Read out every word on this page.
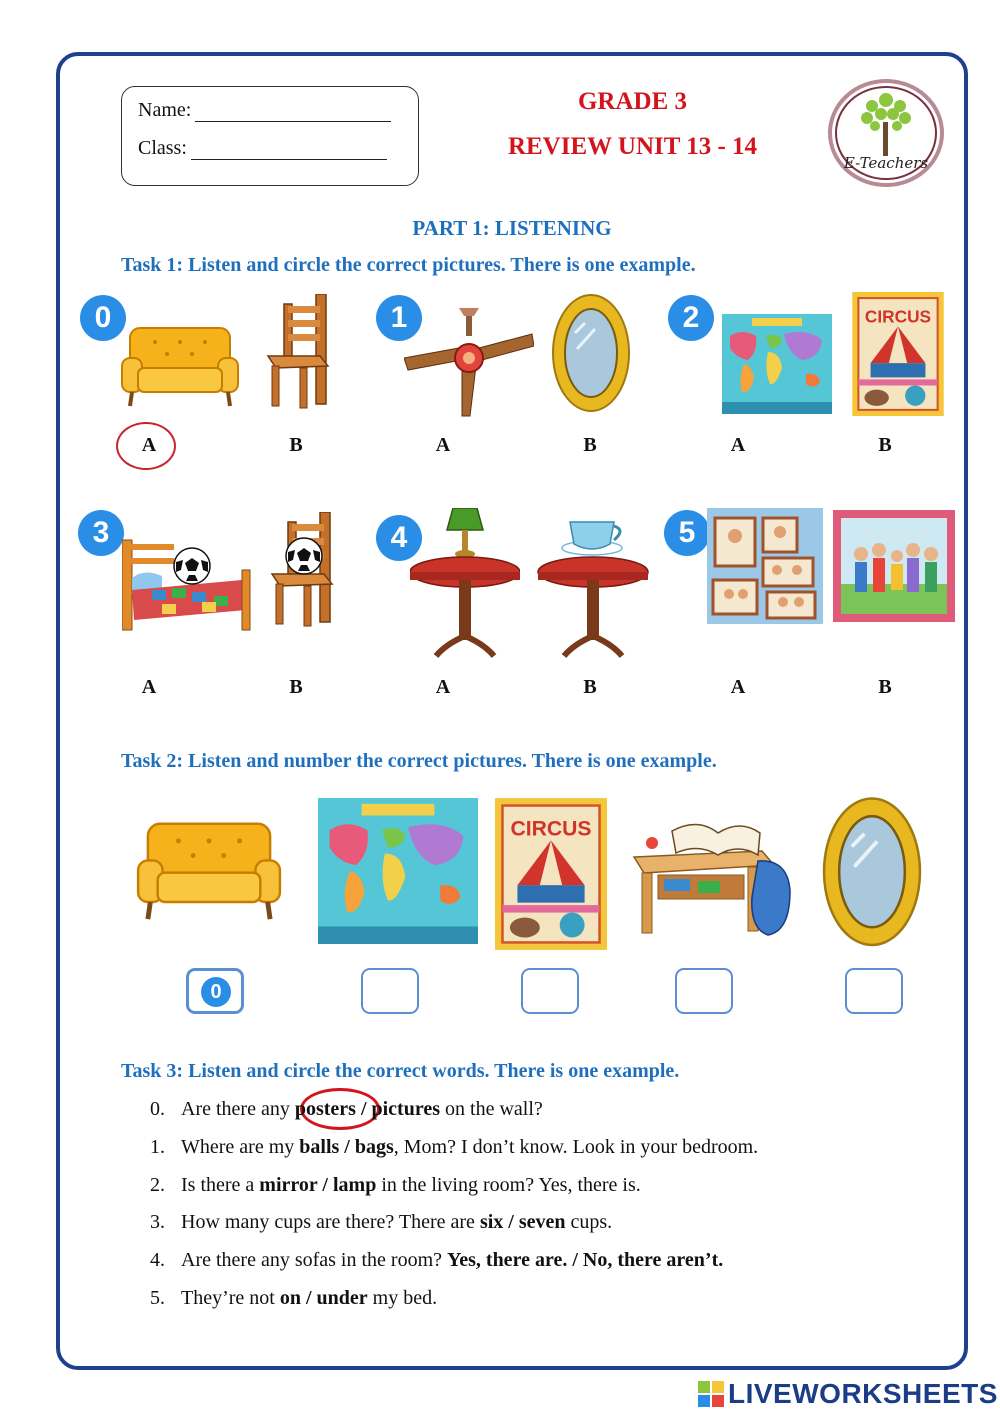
Name:
Class:
GRADE 3
REVIEW UNIT 13 - 14
E-Teachers
PART 1: LISTENING
Task 1: Listen and circle the correct pictures. There is one example.
0	1	2
A	B	A	B	A	B
3	4	5
A	B	A	B	A	B
Task 2: Listen and number the correct pictures. There is one example.
0
Task 3: Listen and circle the correct words. There is one example.
0. Are there any posters / pictures on the wall?
1. Where are my balls / bags, Mom? I don’t know. Look in your bedroom.
2. Is there a mirror / lamp in the living room? Yes, there is.
3. How many cups are there? There are six / seven cups.
4. Are there any sofas in the room? Yes, there are. / No, there aren’t.
5. They’re not on / under my bed.
LIVEWORKSHEETS
